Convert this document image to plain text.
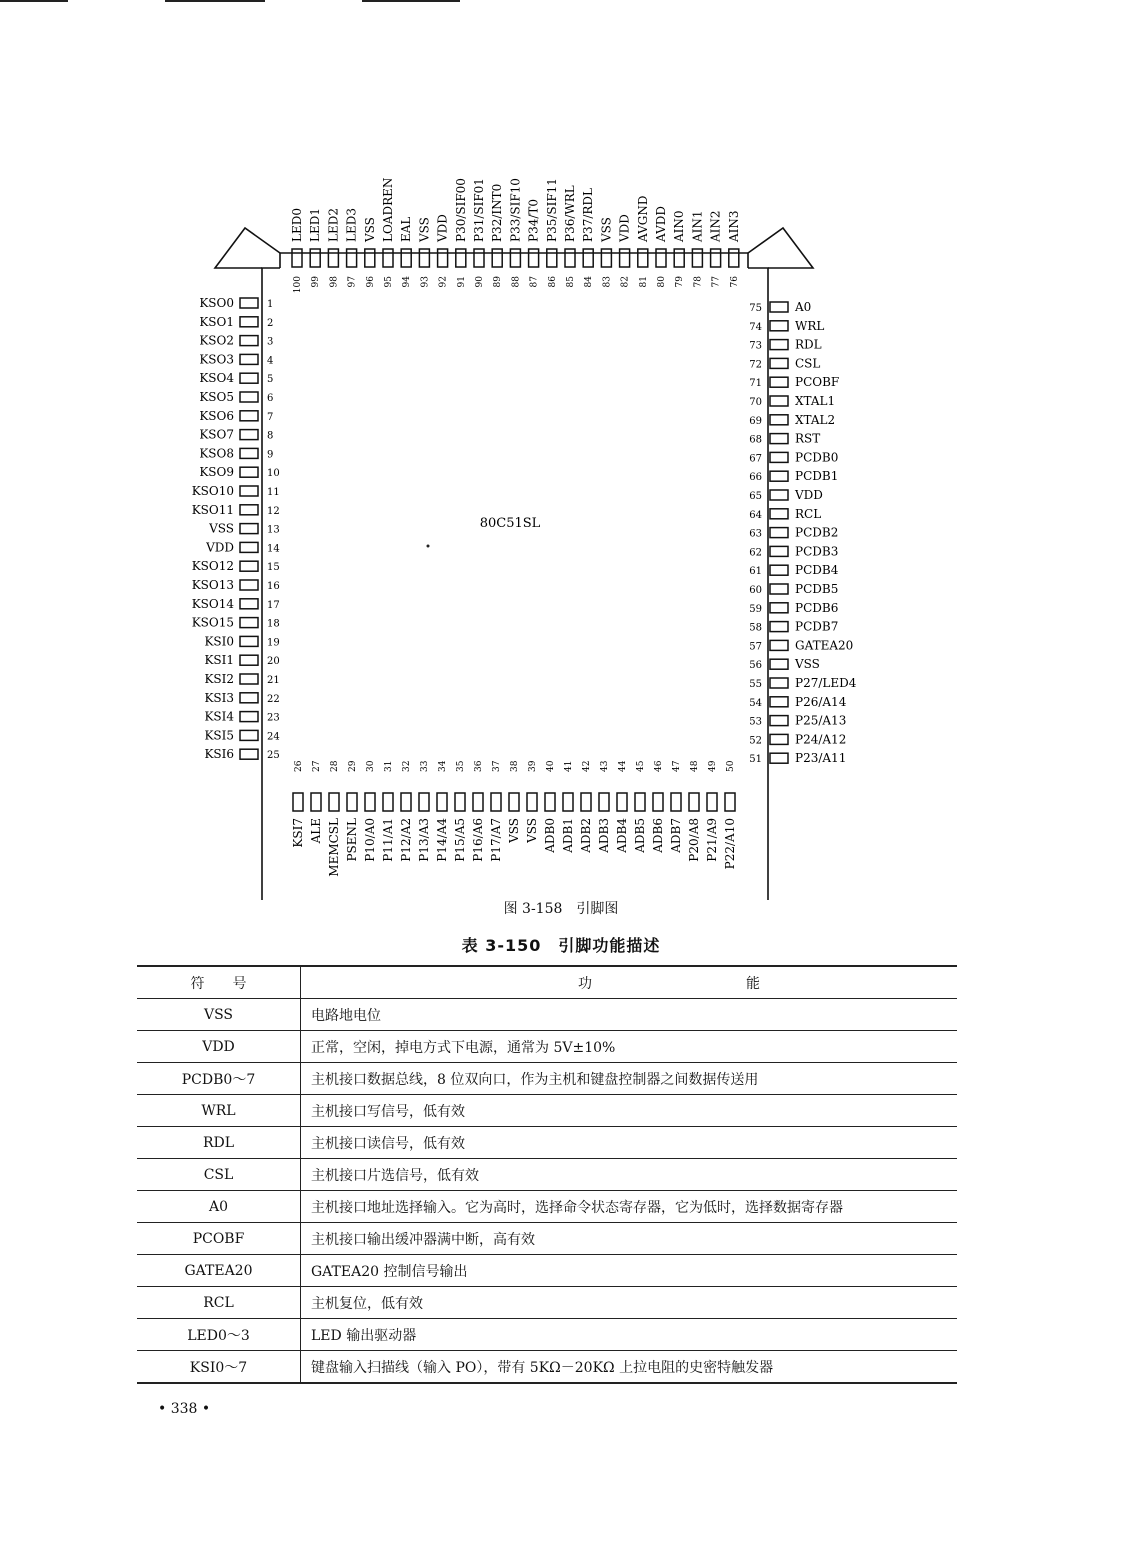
80C51SL
KSO0	1
KSO1	2
KSO2	3
KSO3	4
KSO4	5
KSO5	6
KSO6	7
KSO7	8
KSO8	9
KSO9	10
KSO10	11
KSO11	12
VSS	13
VDD	14
KSO12	15
KSO13	16
KSO14	17
KSO15	18
KSI0	19
KSI1	20
KSI2	21
KSI3	22
KSI4	23
KSI5	24
KSI6	25
A0
75
WRL
74
RDL
73
CSL
72
PCOBF
71
XTAL1
70
XTAL2
69
RST
68
PCDB0
67
PCDB1
66
VDD
65
RCL
64
PCDB2
63
PCDB3
62
PCDB4
61
PCDB5
60
PCDB6
59
PCDB7
58
GATEA20
57
VSS
56
P27/LED4
55
P26/A14
54
P25/A13
53
P24/A12
52
P23/A11
51
LED0
100
LED1
99
LED2
98
LED3
97
VSS
96
LOADREN
95
EAL
94
VSS
93
VDD
92
P30/SIF00
91
P31/SIF01
90
P32/INT0
89
P33/SIF10
88
P34/T0
87
P35/SIF11
86
P36/WRL
85
P37/RDL
84
VSS
83
VDD
82
AVGND
81
AVDD
80
AIN0
79
AIN1
78
AIN2
77
AIN3
76
KSI7
26
ALE
27
MEMCSL
28
PSENL
29
P10/A0
30
P11/A1
31
P12/A2
32
P13/A3
33
P14/A4
34
P15/A5
35
P16/A6
36
P17/A7
37
VSS
38
VSS
39
ADB0
40
ADB1
41
ADB2
42
ADB3
43
ADB4
44
ADB5
45
ADB6
46
ADB7
47
P20/A8
48
P21/A9
49
P22/A10
50
图 3-158　引脚图
表 3-150　引脚功能描述
符　　号	功 能

VSS	电路地电位
VDD	正常，空闲，掉电方式下电源，通常为 5V±10%
PCDB0～7	主机接口数据总线，8 位双向口，作为主机和键盘控制器之间数据传送用
WRL	主机接口写信号，低有效
RDL	主机接口读信号，低有效
CSL	主机接口片选信号，低有效
A0	主机接口地址选择输入。它为高时，选择命令状态寄存器，它为低时，选择数据寄存器
PCOBF	主机接口输出缓冲器满中断，高有效
GATEA20	GATEA20 控制信号输出
RCL	主机复位，低有效
LED0～3	LED 输出驱动器
KSI0～7	键盘输入扫描线（输入 PO），带有 5KΩ－20KΩ 上拉电阻的史密特触发器
• 338 •
